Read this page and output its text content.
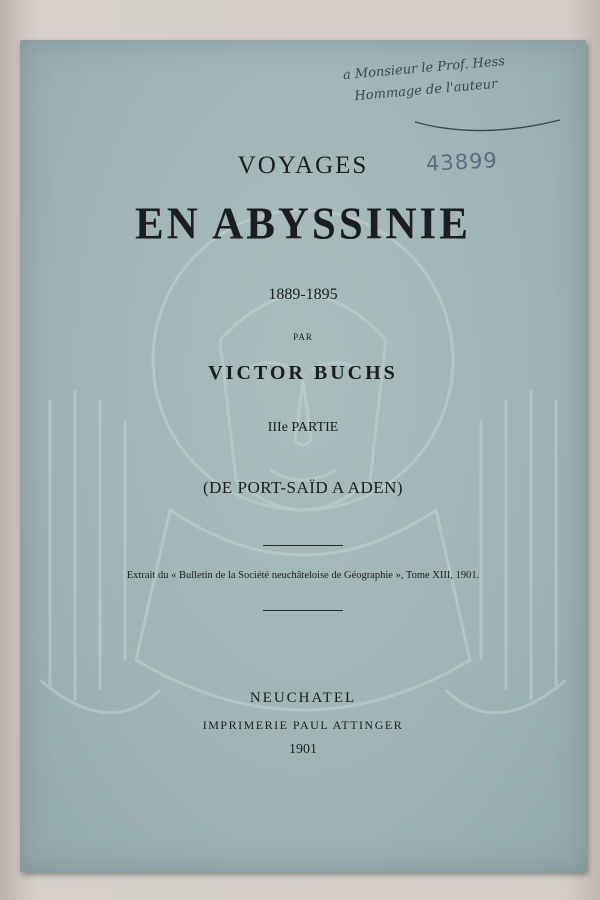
a Monsieur le Prof. Hess
Hommage de l'auteur
43899
VOYAGES
EN ABYSSINIE
1889-1895
PAR
VICTOR BUCHS
IIIe PARTIE
(DE PORT-SAÏD A ADEN)
Extrait du « Bulletin de la Société neuchâteloise de Géographie », Tome XIII, 1901.
NEUCHATEL
IMPRIMERIE PAUL ATTINGER
1901
